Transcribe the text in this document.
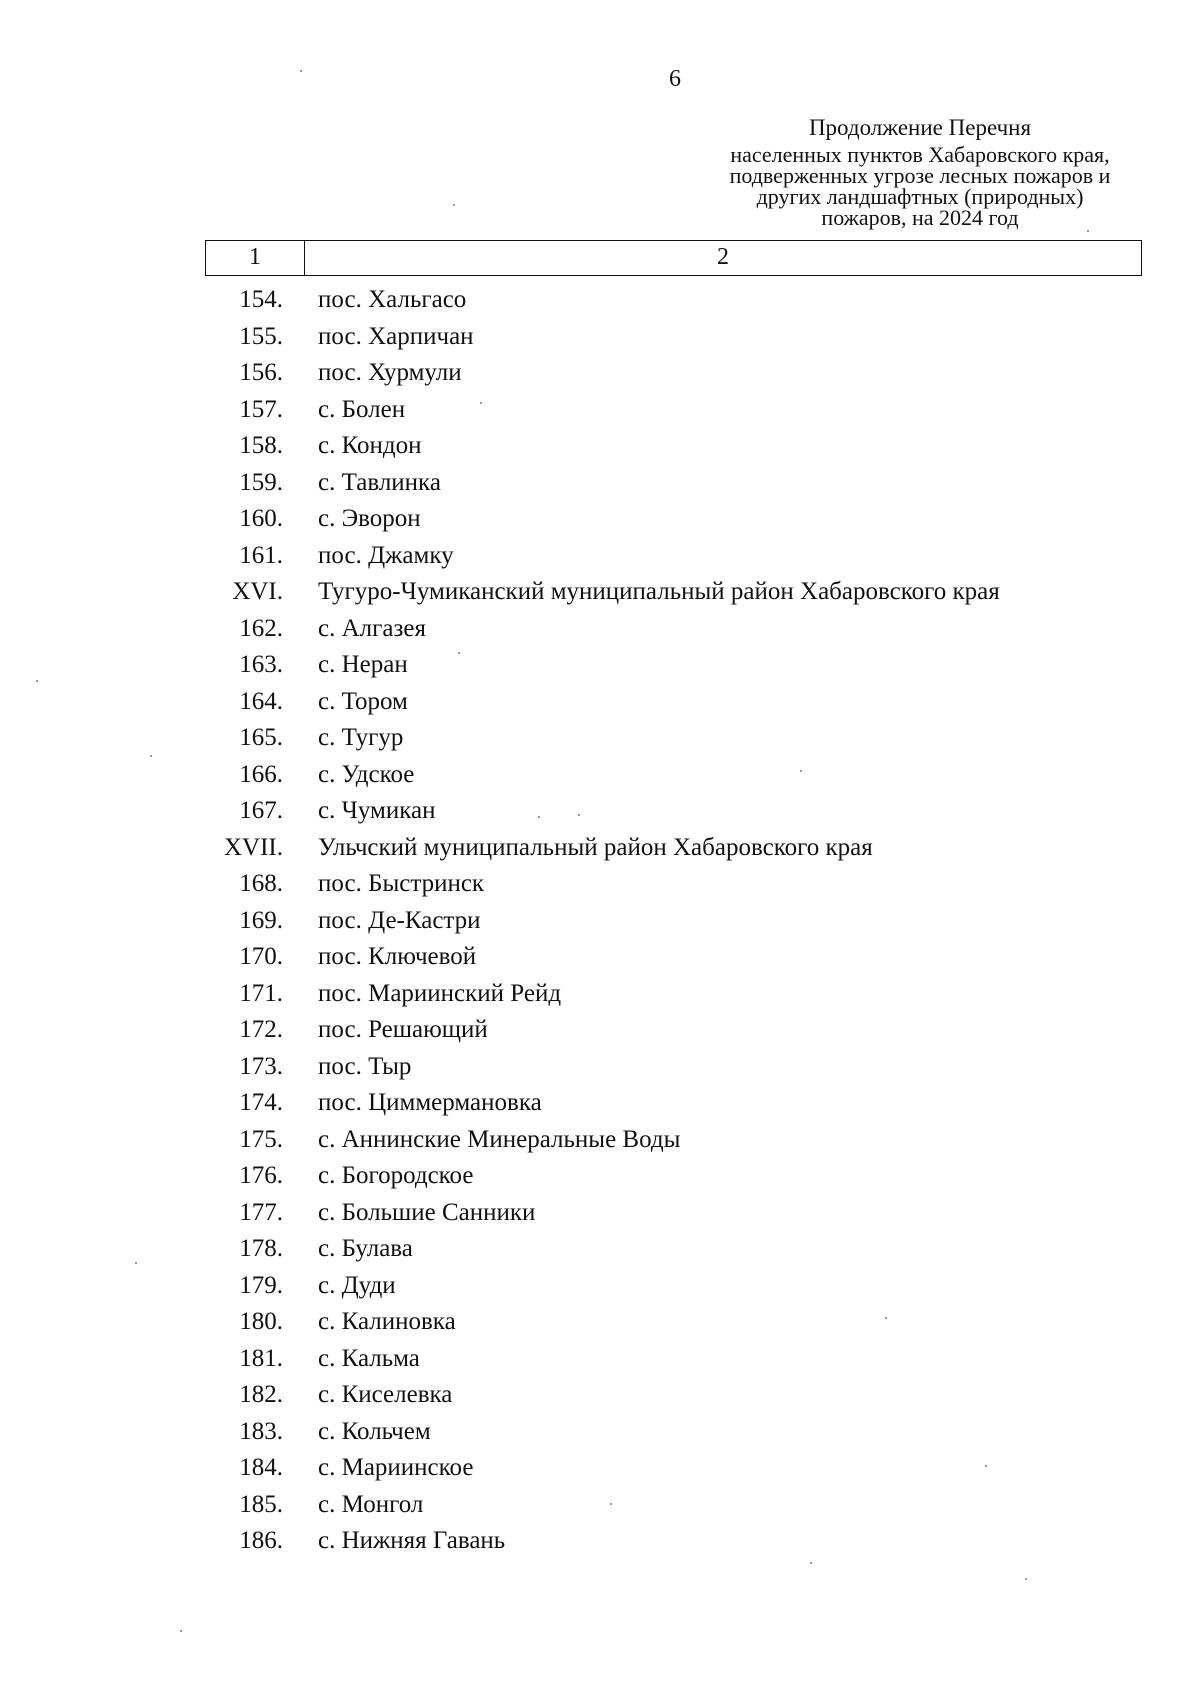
6
Продолжение Перечня
населенных пунктов Хабаровского края,
подверженных угрозе лесных пожаров и
других ландшафтных (природных)
пожаров, на 2024 год
1	2
154.	пос. Хальгасо
155.	пос. Харпичан
156.	пос. Хурмули
157.	с. Болен
158.	с. Кондон
159.	с. Тавлинка
160.	с. Эворон
161.	пос. Джамку
XVI.	Тугуро-Чумиканский муниципальный район Хабаровского края
162.	с. Алгазея
163.	с. Неран
164.	с. Тором
165.	с. Тугур
166.	с. Удское
167.	с. Чумикан
XVII.	Ульчский муниципальный район Хабаровского края
168.	пос. Быстринск
169.	пос. Де-Кастри
170.	пос. Ключевой
171.	пос. Мариинский Рейд
172.	пос. Решающий
173.	пос. Тыр
174.	пос. Циммермановка
175.	с. Аннинские Минеральные Воды
176.	с. Богородское
177.	с. Большие Санники
178.	с. Булава
179.	с. Дуди
180.	с. Калиновка
181.	с. Кальма
182.	с. Киселевка
183.	с. Кольчем
184.	с. Мариинское
185.	с. Монгол
186.	с. Нижняя Гавань
